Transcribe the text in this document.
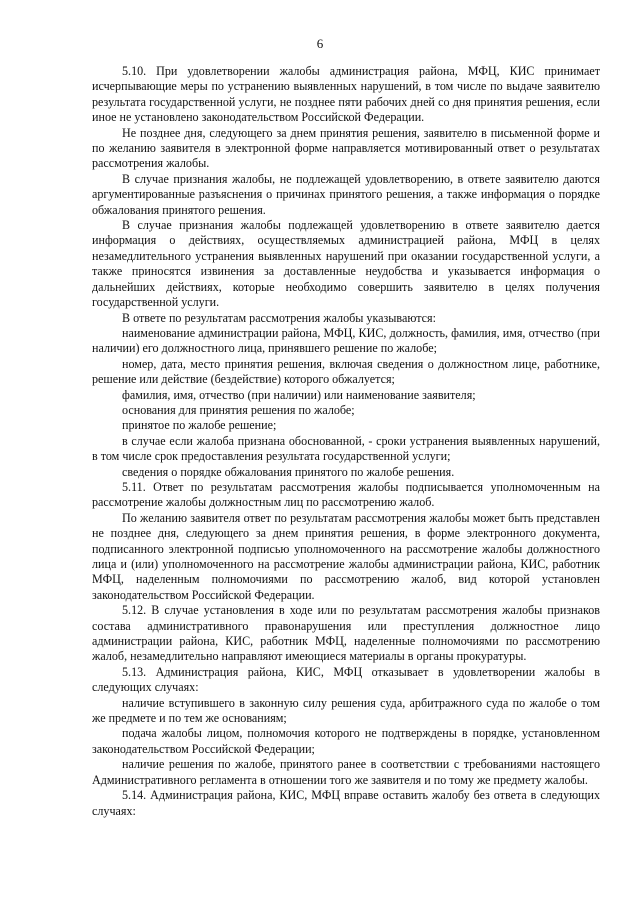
6

5.10. При удовлетворении жалобы администрация района, МФЦ, КИС принимает исчерпывающие меры по устранению выявленных нарушений, в том числе по выдаче заявителю результата государственной услуги, не позднее пяти рабочих дней со дня принятия решения, если иное не установлено законодательством Российской Федерации.

Не позднее дня, следующего за днем принятия решения, заявителю в письменной форме и по желанию заявителя в электронной форме направляется мотивированный ответ о результатах рассмотрения жалобы.

В случае признания жалобы, не подлежащей удовлетворению, в ответе заявителю даются аргументированные разъяснения о причинах принятого решения, а также информация о порядке обжалования принятого решения.

В случае признания жалобы подлежащей удовлетворению в ответе заявителю дается информация о действиях, осуществляемых администрацией района, МФЦ в целях незамедлительного устранения выявленных нарушений при оказании государственной услуги, а также приносятся извинения за доставленные неудобства и указывается информация о дальнейших действиях, которые необходимо совершить заявителю в целях получения государственной услуги.

В ответе по результатам рассмотрения жалобы указываются:

наименование администрации района, МФЦ, КИС, должность, фамилия, имя, отчество (при наличии) его должностного лица, принявшего решение по жалобе;

номер, дата, место принятия решения, включая сведения о должностном лице, работнике, решение или действие (бездействие) которого обжалуется;

фамилия, имя, отчество (при наличии) или наименование заявителя;

основания для принятия решения по жалобе;

принятое по жалобе решение;

в случае если жалоба признана обоснованной, - сроки устранения выявленных нарушений, в том числе срок предоставления результата государственной услуги;

сведения о порядке обжалования принятого по жалобе решения.

5.11. Ответ по результатам рассмотрения жалобы подписывается уполномоченным на рассмотрение жалобы должностным лиц по рассмотрению жалоб.

По желанию заявителя ответ по результатам рассмотрения жалобы может быть представлен не позднее дня, следующего за днем принятия решения, в форме электронного документа, подписанного электронной подписью уполномоченного на рассмотрение жалобы должностного лица и (или) уполномоченного на рассмотрение жалобы администрации района, КИС, работник МФЦ, наделенным полномочиями по рассмотрению жалоб, вид которой установлен законодательством Российской Федерации.

5.12. В случае установления в ходе или по результатам рассмотрения жалобы признаков состава административного правонарушения или преступления должностное лицо администрации района, КИС, работник МФЦ, наделенные полномочиями по рассмотрению жалоб, незамедлительно направляют имеющиеся материалы в органы прокуратуры.

5.13. Администрация района, КИС, МФЦ отказывает в удовлетворении жалобы в следующих случаях:

наличие вступившего в законную силу решения суда, арбитражного суда по жалобе о том же предмете и по тем же основаниям;

подача жалобы лицом, полномочия которого не подтверждены в порядке, установленном законодательством Российской Федерации;

наличие решения по жалобе, принятого ранее в соответствии с требованиями настоящего Административного регламента в отношении того же заявителя и по тому же предмету жалобы.

5.14. Администрация района, КИС, МФЦ вправе оставить жалобу без ответа в следующих случаях:
